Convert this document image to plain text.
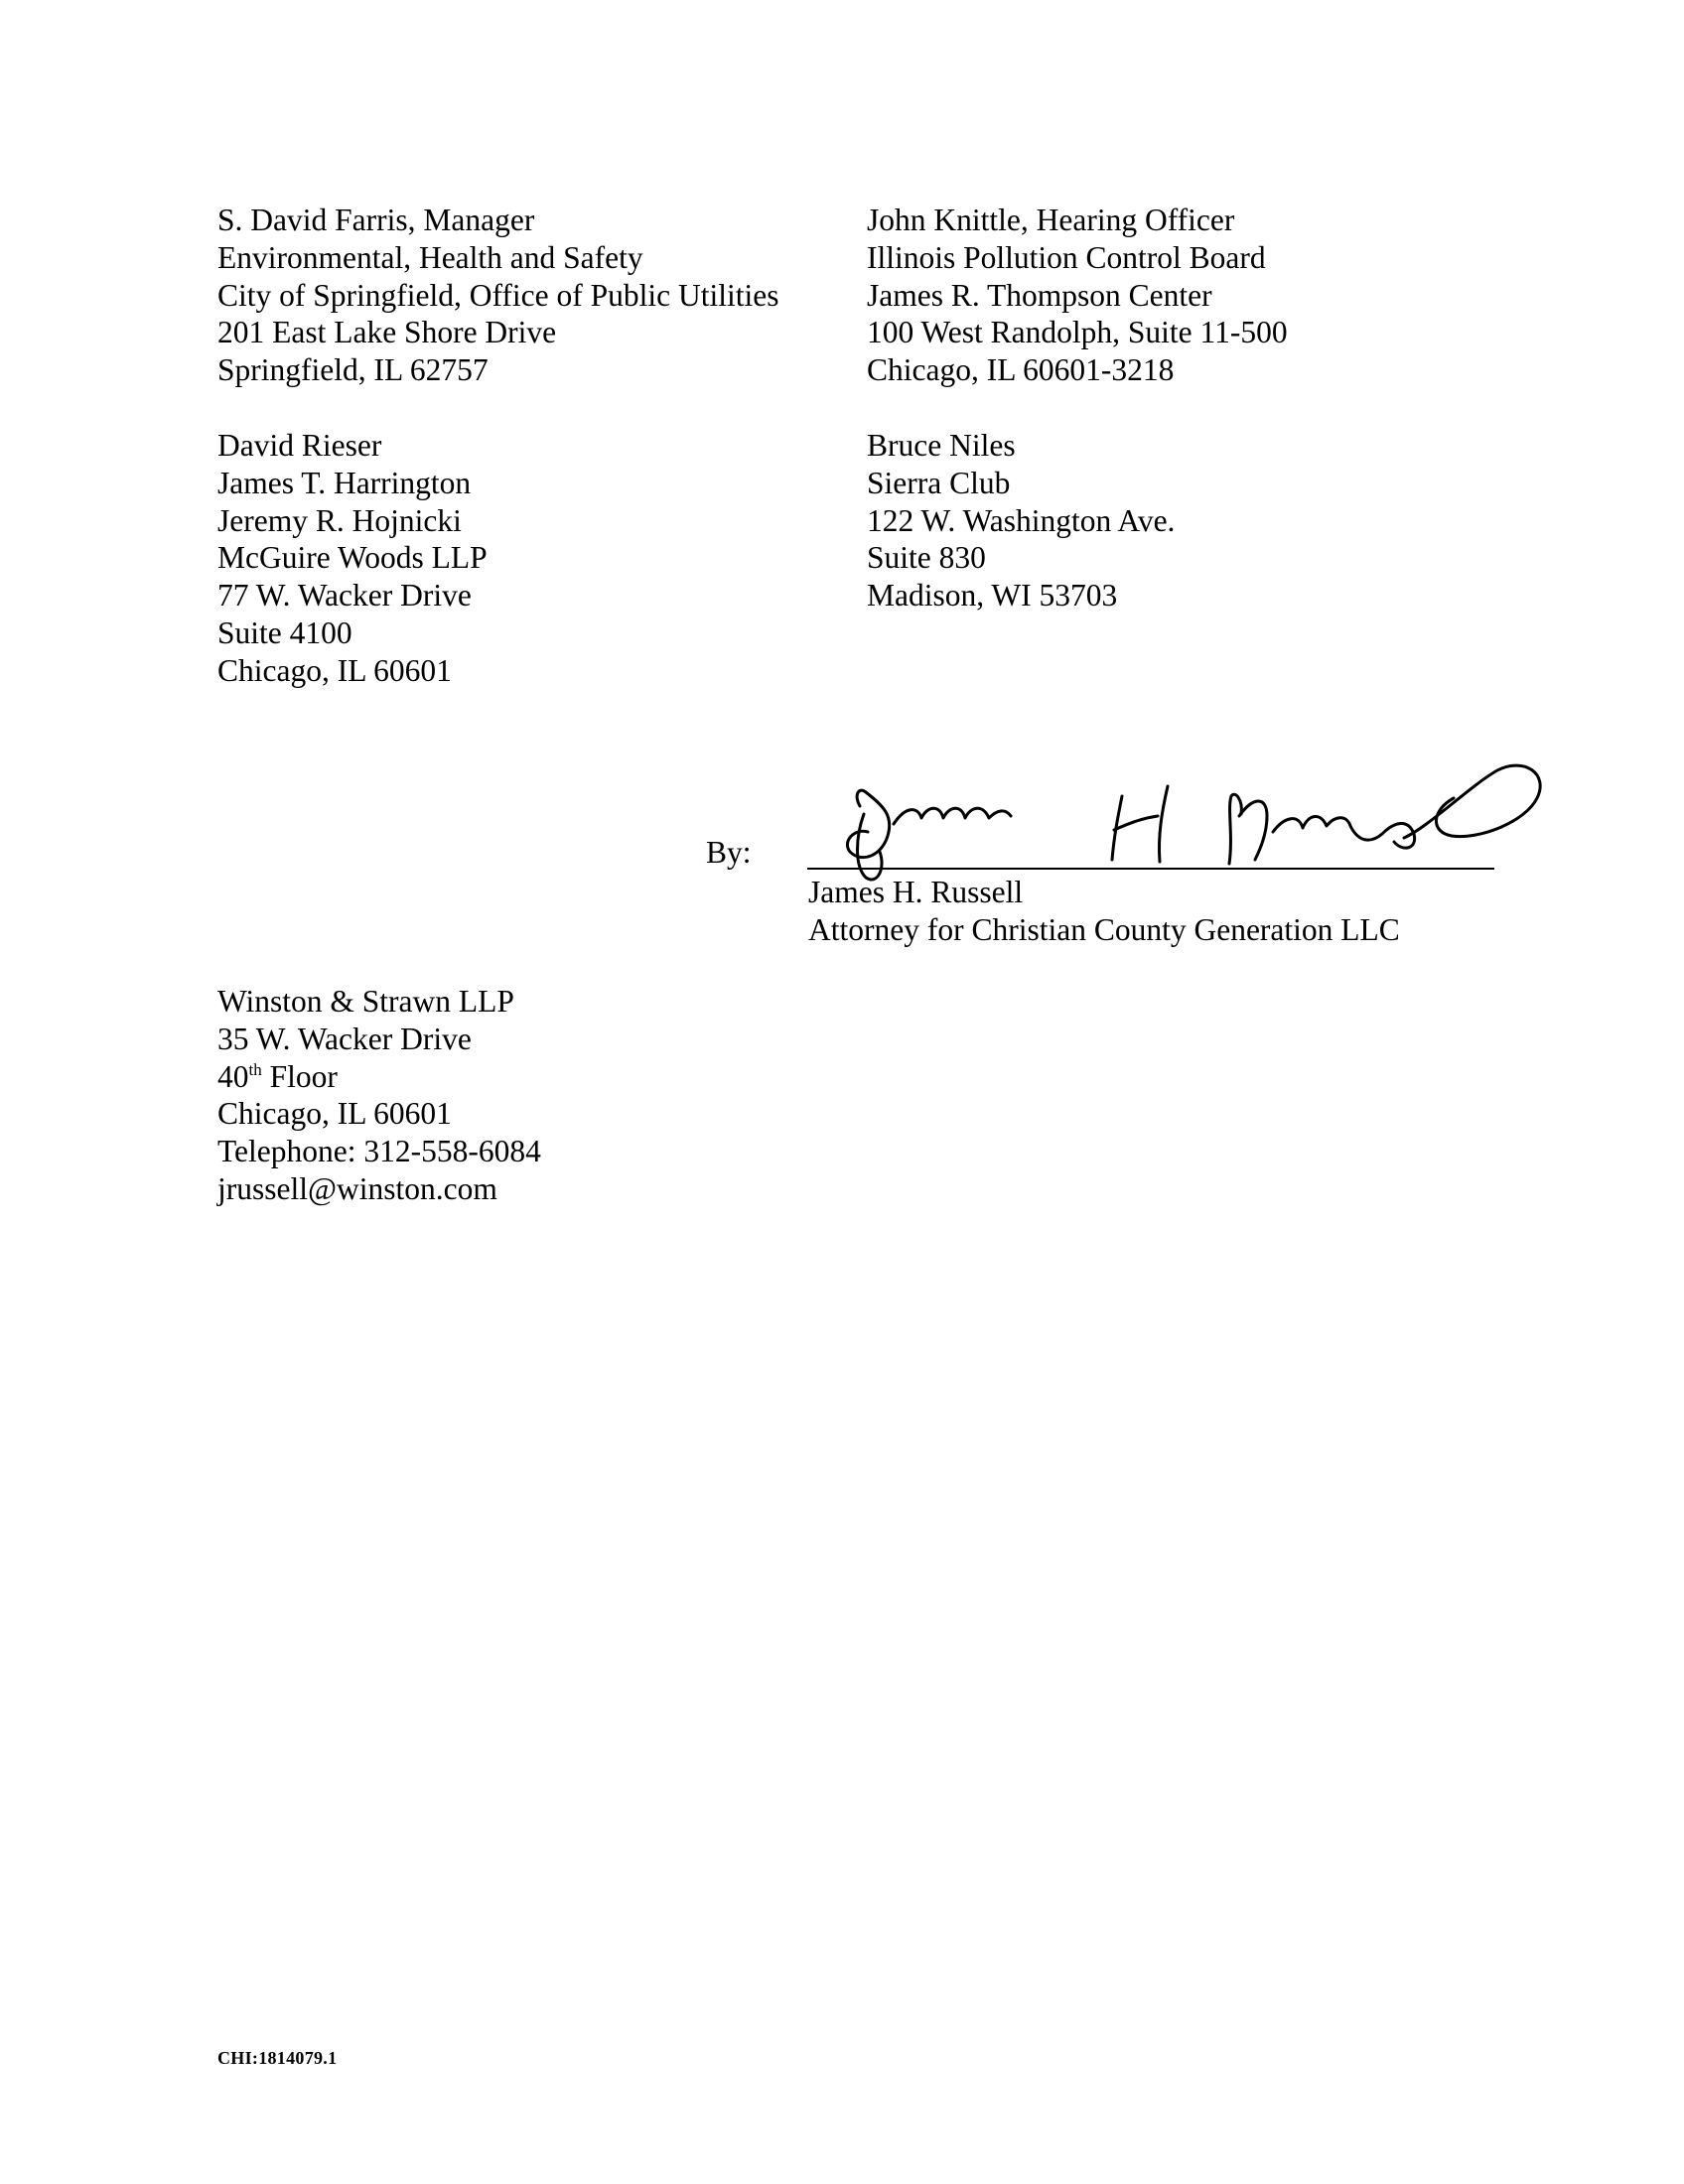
S. David Farris, Manager
Environmental, Health and Safety
City of Springfield, Office of Public Utilities
201 East Lake Shore Drive
Springfield, IL 62757
John Knittle, Hearing Officer
Illinois Pollution Control Board
James R. Thompson Center
100 West Randolph, Suite 11-500
Chicago, IL 60601-3218
David Rieser
James T. Harrington
Jeremy R. Hojnicki
McGuire Woods LLP
77 W. Wacker Drive
Suite 4100
Chicago, IL 60601
Bruce Niles
Sierra Club
122 W. Washington Ave.
Suite 830
Madison, WI 53703
By:
James H. Russell
Attorney for Christian County Generation LLC
Winston & Strawn LLP
35 W. Wacker Drive
40th Floor
Chicago, IL 60601
Telephone: 312-558-6084
jrussell@winston.com
CHI:1814079.1
